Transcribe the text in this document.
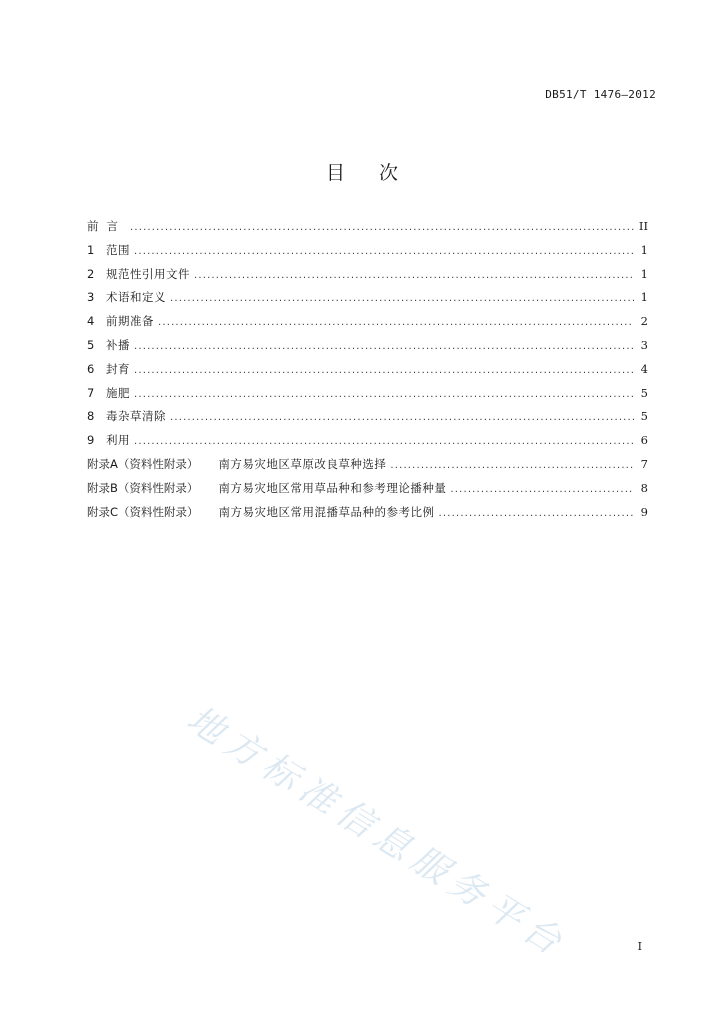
DB51/T 1476—2012
目次
前言 . . .	II
1	范围 . . .	1
2	规范性引用文件 . . .	1
3	术语和定义 . . .	1
4	前期准备 . . .	2
5	补播 . . .	3
6	封育 . . .	4
7	施肥 . . .	5
8	毒杂草清除 . . .	5
9	利用 . . .	6
附录A（资料性附录） 南方易灾地区草原改良草种选择 . . .	7
附录B（资料性附录） 南方易灾地区常用草品种和参考理论播种量 . . .	8
附录C（资料性附录） 南方易灾地区常用混播草品种的参考比例 . . .	9
地方标准信息服务平台	I
